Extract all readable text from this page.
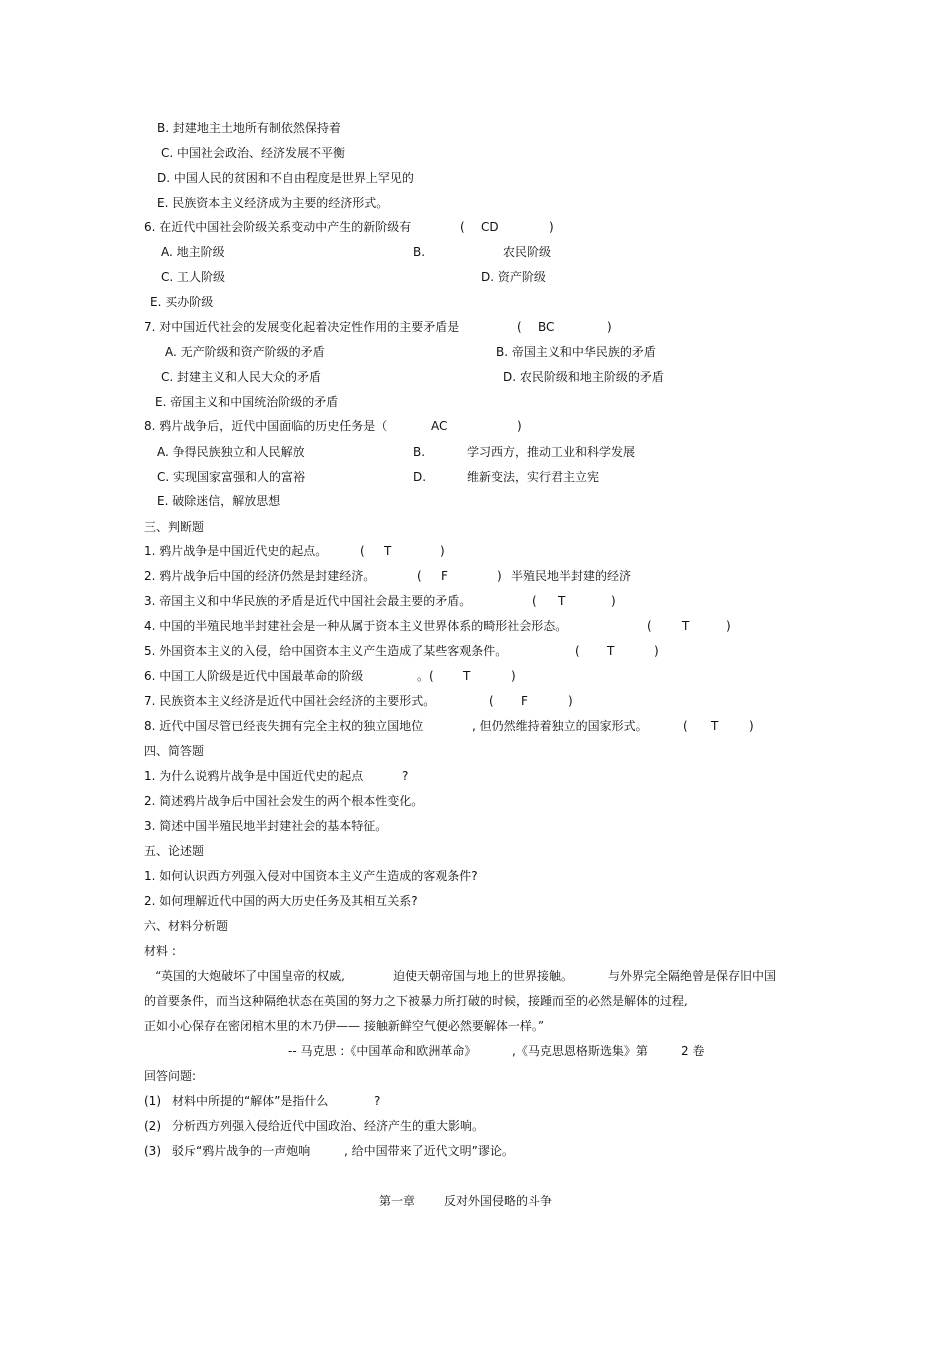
B. 封建地主土地所有制依然保持着
C. 中国社会政治、经济发展不平衡
D. 中国人民的贫困和不自由程度是世界上罕见的
E. 民族资本主义经济成为主要的经济形式。
6. 在近代中国社会阶级关系变动中产生的新阶级有	( CD	)
A. 地主阶级	B.	农民阶级
C. 工人阶级	D. 资产阶级
E. 买办阶级
7. 对中国近代社会的发展变化起着决定性作用的主要矛盾是	( BC	)
A. 无产阶级和资产阶级的矛盾	B. 帝国主义和中华民族的矛盾
C. 封建主义和人民大众的矛盾	D. 农民阶级和地主阶级的矛盾
E. 帝国主义和中国统治阶级的矛盾
8. 鸦片战争后，近代中国面临的历史任务是（	AC	)
A. 争得民族独立和人民解放	B.	学习西方，推动工业和科学发展
C. 实现国家富强和人的富裕	D.	维新变法，实行君主立宪
E. 破除迷信，解放思想
三、判断题
1. 鸦片战争是中国近代史的起点。	( T	)
2. 鸦片战争后中国的经济仍然是封建经济。	( F	) 半殖民地半封建的经济
3. 帝国主义和中华民族的矛盾是近代中国社会最主要的矛盾。	( T	)
4. 中国的半殖民地半封建社会是一种从属于资本主义世界体系的畸形社会形态。	(	T	)
5. 外国资本主义的入侵，给中国资本主义产生造成了某些客观条件。	( T	)
6. 中国工人阶级是近代中国最革命的阶级	。( T	)
7. 民族资本主义经济是近代中国社会经济的主要形式。	( F	)
8. 近代中国尽管已经丧失拥有完全主权的独立国地位	, 但仍然维持着独立的国家形式。	( T	)
四、简答题
1. 为什么说鸦片战争是中国近代史的起点	?
2. 简述鸦片战争后中国社会发生的两个根本性变化。
3. 简述中国半殖民地半封建社会的基本特征。
五、论述题
1. 如何认识西方列强入侵对中国资本主义产生造成的客观条件?
2. 如何理解近代中国的两大历史任务及其相互关系?
六、材料分析题
材料 :
“英国的大炮破坏了中国皇帝的权威,	迫使天朝帝国与地上的世界接触。	与外界完全隔绝曾是保存旧中国
的首要条件，而当这种隔绝状态在英国的努力之下被暴力所打破的时候，接踵而至的必然是解体的过程,
正如小心保存在密闭棺木里的木乃伊—— 接触新鲜空气便必然要解体一样。”
-- 马克思 :《中国革命和欧洲革命》	,《马克思恩格斯选集》第	2 卷
回答问题:
(1) 材料中所提的“解体”是指什么	?
(2) 分析西方列强入侵给近代中国政治、经济产生的重大影响。
(3) 驳斥“鸦片战争的一声炮响	, 给中国带来了近代文明”谬论。
第一章 反对外国侵略的斗争
